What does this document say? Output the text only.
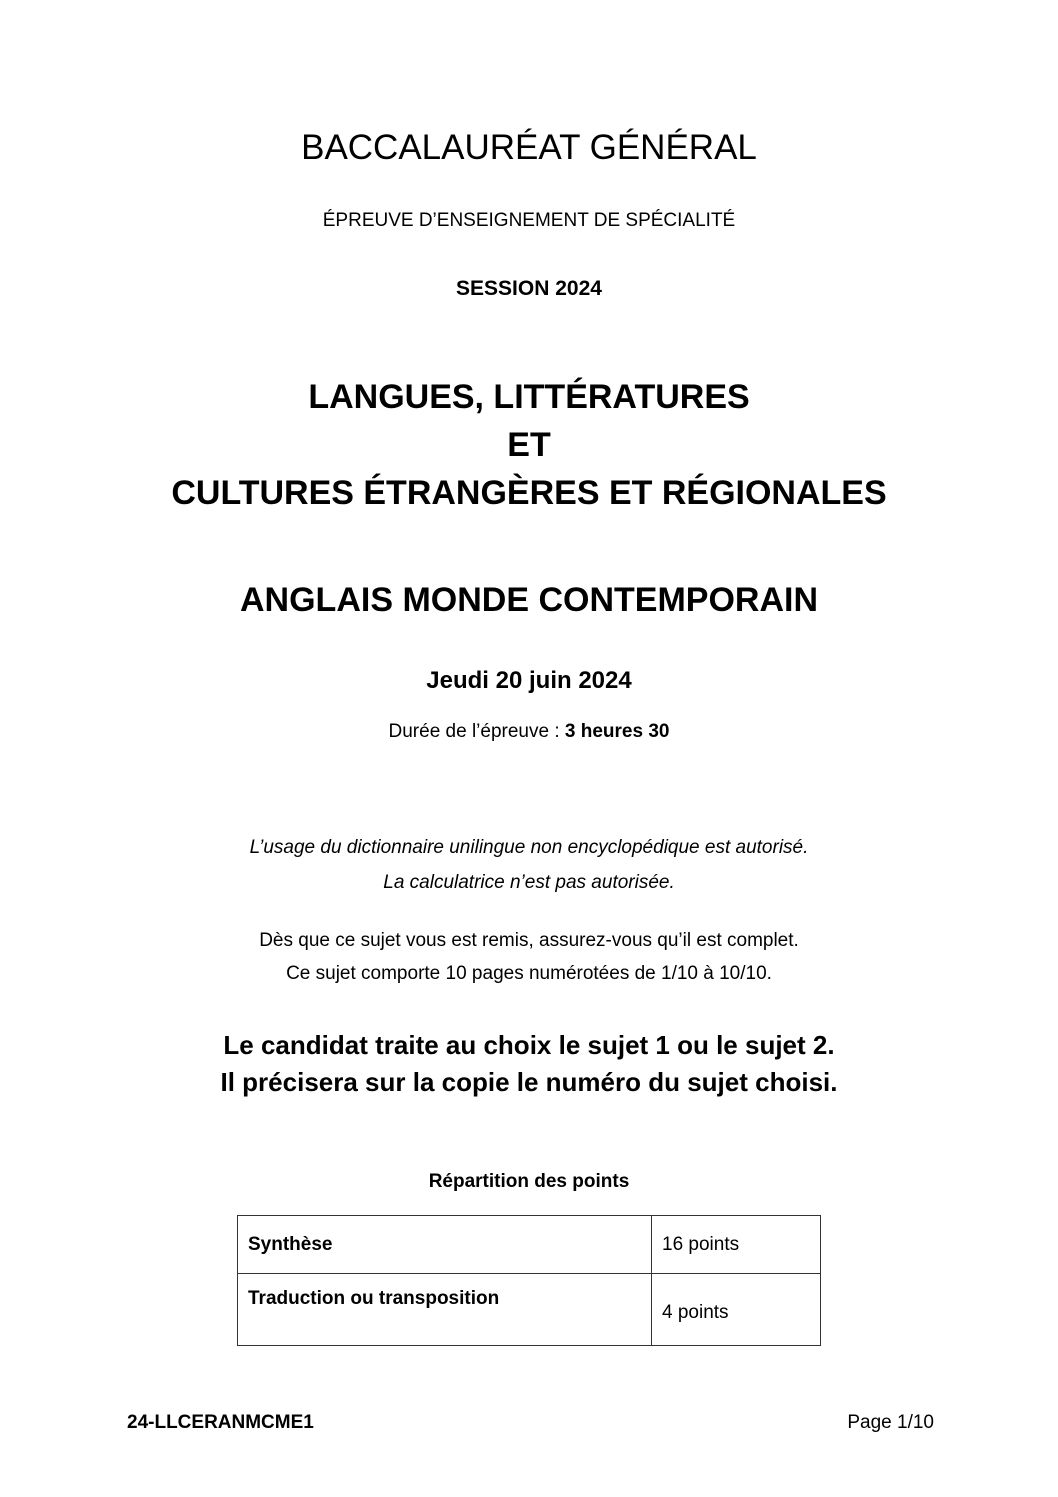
BACCALAURÉAT GÉNÉRAL
ÉPREUVE D’ENSEIGNEMENT DE SPÉCIALITÉ
SESSION 2024
LANGUES, LITTÉRATURES
ET
CULTURES ÉTRANGÈRES ET RÉGIONALES
ANGLAIS MONDE CONTEMPORAIN
Jeudi 20 juin 2024
Durée de l’épreuve : 3 heures 30
L’usage du dictionnaire unilingue non encyclopédique est autorisé.
La calculatrice n’est pas autorisée.
Dès que ce sujet vous est remis, assurez-vous qu’il est complet.
Ce sujet comporte 10 pages numérotées de 1/10 à 10/10.
Le candidat traite au choix le sujet 1 ou le sujet 2.
Il précisera sur la copie le numéro du sujet choisi.
Répartition des points
Synthèse	16 points
Traduction ou transposition	4 points
24-LLCERANMCME1	Page 1/10
